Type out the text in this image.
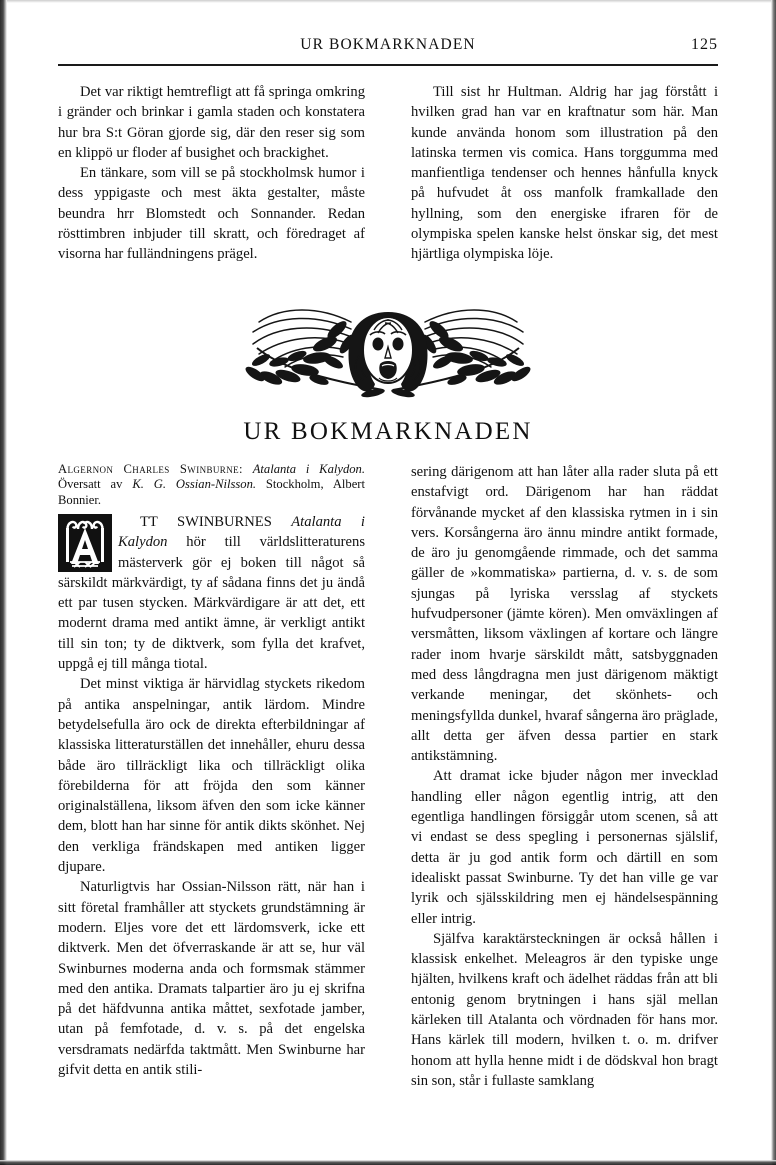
UR BOKMARKNADEN	125

Det var riktigt hemtrefligt att få springa omkring i gränder och brinkar i gamla staden och konstatera hur bra S:t Göran gjorde sig, där den reser sig som en klippö ur floder af busighet och brackighet.

En tänkare, som vill se på stockholmsk humor i dess yppigaste och mest äkta gestalter, måste beundra hrr Blomstedt och Sonnander. Redan rösttimbren inbjuder till skratt, och föredraget af visorna har fulländningens prägel.

Till sist hr Hultman. Aldrig har jag förstått i hvilken grad han var en kraftnatur som här. Man kunde använda honom som illustration på den latinska termen vis comica. Hans torggumma med manfientliga tendenser och hennes hånfulla knyck på hufvudet åt oss manfolk framkallade den hyllning, som den energiske ifraren för de olympiska spelen kanske helst önskar sig, det mest hjärtliga olympiska löje.

UR BOKMARKNADEN
Algernon Charles Swinburne: Atalanta i Kalydon. Översatt av K. G. Ossian-Nilsson. Stockholm, Albert Bonnier.

TT SWINBURNES Atalanta i Kalydon hör till världslitteraturens mästerverk gör ej boken till något så särskildt märkvärdigt, ty af sådana finns det ju ändå ett par tusen stycken. Märkvärdigare är att det, ett modernt drama med antikt ämne, är verkligt antikt till sin ton; ty de diktverk, som fylla det krafvet, uppgå ej till många tiotal.

Det minst viktiga är härvidlag styckets rikedom på antika anspelningar, antik lärdom. Mindre betydelsefulla äro ock de direkta efterbildningar af klassiska litteraturställen det innehåller, ehuru dessa både äro tillräckligt lika och tillräckligt olika förebilderna för att fröjda den som känner originalställena, liksom äfven den som icke känner dem, blott han har sinne för antik dikts skönhet. Nej den verkliga frändskapen med antiken ligger djupare.

Naturligtvis har Ossian-Nilsson rätt, när han i sitt företal framhåller att styckets grundstämning är modern. Eljes vore det ett lärdomsverk, icke ett diktverk. Men det öfverraskande är att se, hur väl Swinburnes moderna anda och formsmak stämmer med den antika. Dramats talpartier äro ju ej skrifna på det häfdvunna antika måttet, sexfotade jamber, utan på femfotade, d. v. s. på det engelska versdramats nedärfda taktmått. Men Swinburne har gifvit detta en antik stili-

sering därigenom att han låter alla rader sluta på ett enstafvigt ord. Därigenom har han räddat förvånande mycket af den klassiska rytmen in i sin vers. Korsångerna äro ännu mindre antikt formade, de äro ju genomgående rimmade, och det samma gäller de »kommatiska» partierna, d. v. s. de som sjungas på lyriska versslag af styckets hufvudpersoner (jämte kören). Men omväxlingen af versmåtten, liksom växlingen af kortare och längre rader inom hvarje särskildt mått, satsbyggnaden med dess långdragna men just därigenom mäktigt verkande meningar, det skönhets- och meningsfyllda dunkel, hvaraf sångerna äro präglade, allt detta ger äfven dessa partier en stark antikstämning.

Att dramat icke bjuder någon mer invecklad handling eller någon egentlig intrig, att den egentliga handlingen försiggår utom scenen, så att vi endast se dess spegling i personernas själslif, detta är ju god antik form och därtill en som idealiskt passat Swinburne. Ty det han ville ge var lyrik och själsskildring men ej händelsespänning eller intrig.

Själfva karaktärsteckningen är också hållen i klassisk enkelhet. Meleagros är den typiske unge hjälten, hvilkens kraft och ädelhet räddas från att bli entonig genom brytningen i hans själ mellan kärleken till Atalanta och vördnaden för hans mor. Hans kärlek till modern, hvilken t. o. m. drifver honom att hylla henne midt i de dödskval hon bragt sin son, står i fullaste samklang
